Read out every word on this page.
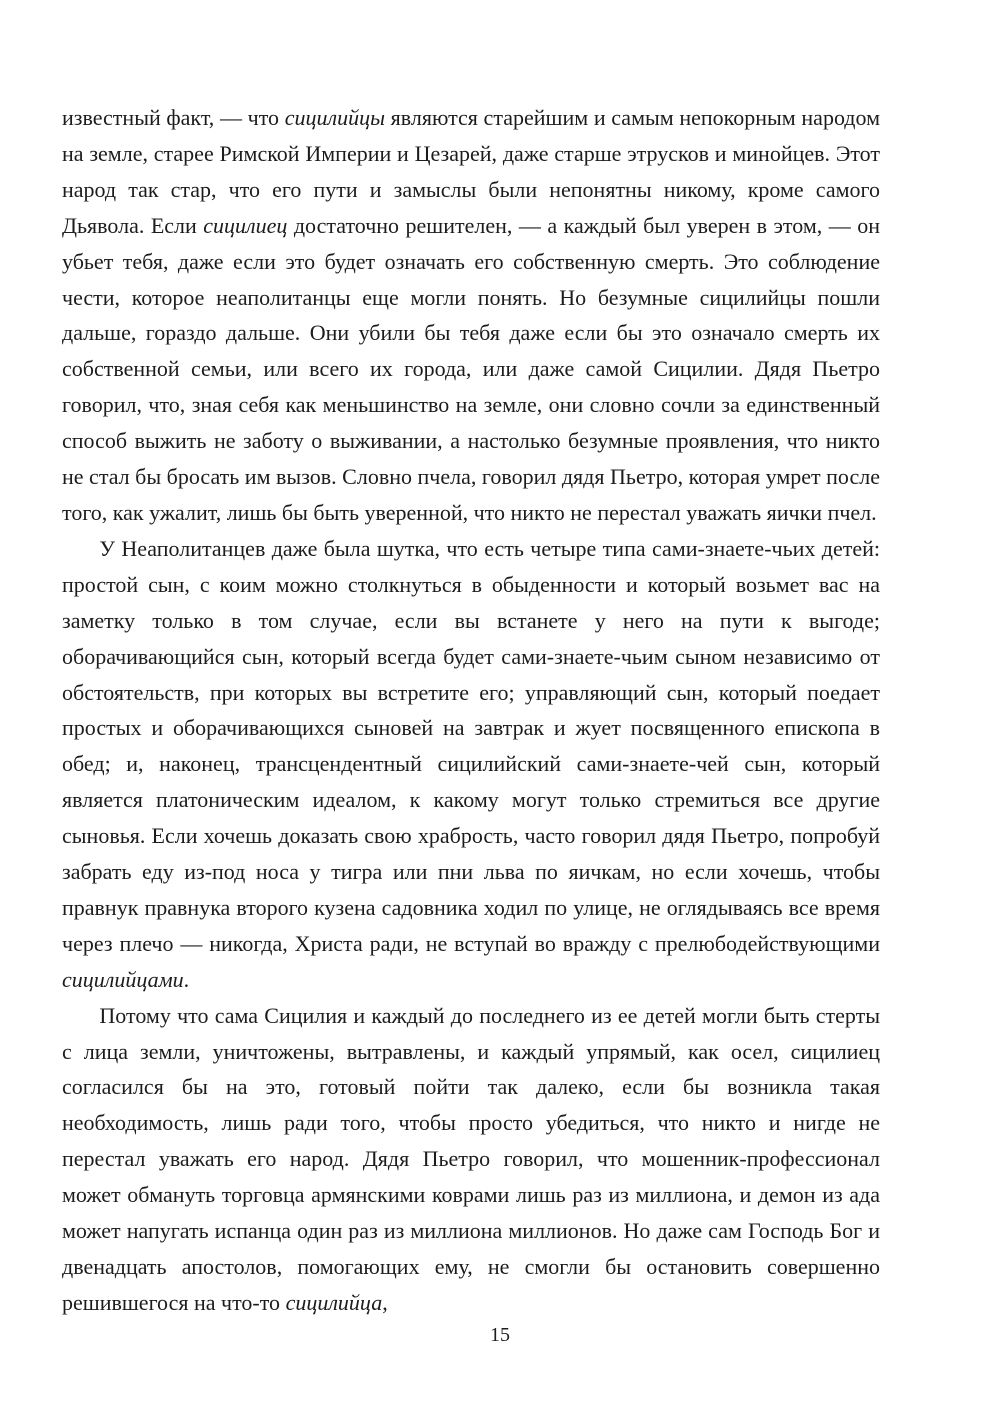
известный факт, — что сицилийцы являются старейшим и самым непокорным народом на земле, старее Римской Империи и Цезарей, даже старше этрусков и минойцев. Этот народ так стар, что его пути и замыслы были непонятны никому, кроме самого Дьявола. Если сицилиец достаточно решителен, — а каждый был уверен в этом, — он убьет тебя, даже если это будет означать его собственную смерть. Это соблюдение чести, которое неаполитанцы еще могли понять. Но безумные сицилийцы пошли дальше, гораздо дальше. Они убили бы тебя даже если бы это означало смерть их собственной семьи, или всего их города, или даже самой Сицилии. Дядя Пьетро говорил, что, зная себя как меньшинство на земле, они словно сочли за единственный способ выжить не заботу о выживании, а настолько безумные проявления, что никто не стал бы бросать им вызов. Словно пчела, говорил дядя Пьетро, которая умрет после того, как ужалит, лишь бы быть уверенной, что никто не перестал уважать яички пчел.

У Неаполитанцев даже была шутка, что есть четыре типа сами-знаете-чьих детей: простой сын, с коим можно столкнуться в обыденности и который возьмет вас на заметку только в том случае, если вы встанете у него на пути к выгоде; оборачивающийся сын, который всегда будет сами-знаете-чьим сыном независимо от обстоятельств, при которых вы встретите его; управляющий сын, который поедает простых и оборачивающихся сыновей на завтрак и жует посвященного епископа в обед; и, наконец, трансцендентный сицилийский сами-знаете-чей сын, который является платоническим идеалом, к какому могут только стремиться все другие сыновья. Если хочешь доказать свою храбрость, часто говорил дядя Пьетро, попробуй забрать еду из-под носа у тигра или пни льва по яичкам, но если хочешь, чтобы правнук правнука второго кузена садовника ходил по улице, не оглядываясь все время через плечо — никогда, Христа ради, не вступай во вражду с прелюбодействующими сицилийцами.

Потому что сама Сицилия и каждый до последнего из ее детей могли быть стерты с лица земли, уничтожены, вытравлены, и каждый упрямый, как осел, сицилиец согласился бы на это, готовый пойти так далеко, если бы возникла такая необходимость, лишь ради того, чтобы просто убедиться, что никто и нигде не перестал уважать его народ. Дядя Пьетро говорил, что мошенник-профессионал может обмануть торговца армянскими коврами лишь раз из миллиона, и демон из ада может напугать испанца один раз из миллиона миллионов. Но даже сам Господь Бог и двенадцать апостолов, помогающих ему, не смогли бы остановить совершенно решившегося на что-то сицилийца,

15
